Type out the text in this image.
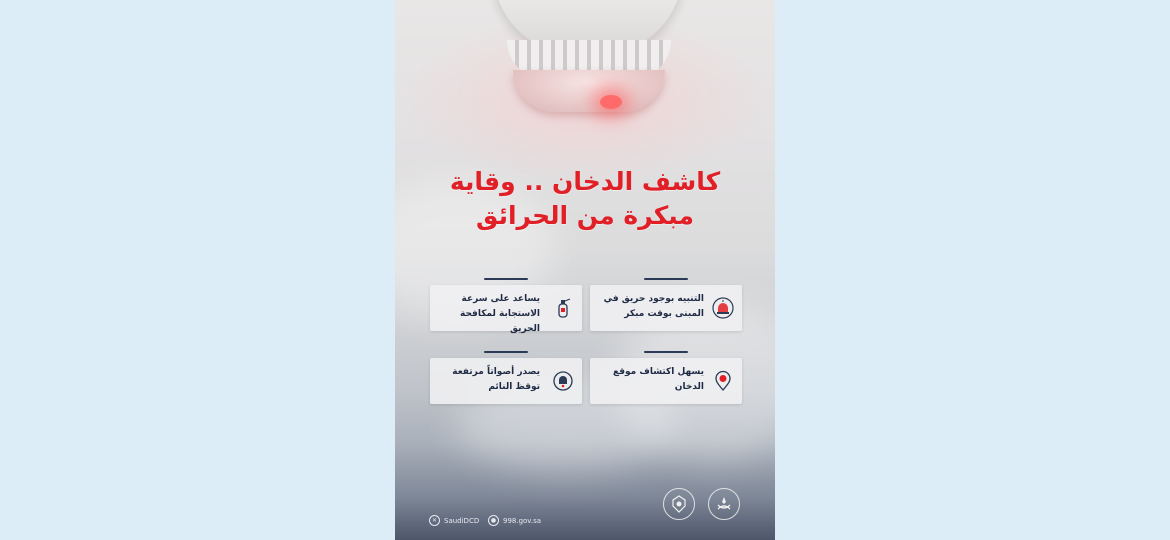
كاشف الدخان .. وقاية
مبكرة من الحرائق
التنبيه بوجود حريق في المبنى بوقت مبكر
يساعد على سرعة الاستجابة لمكافحة الحريق
يسهل اكتشاف موقع الدخان
يصدر أصواتاً مرتفعة توقظ النائم
✕ SaudiDCD	● 998.gov.sa
